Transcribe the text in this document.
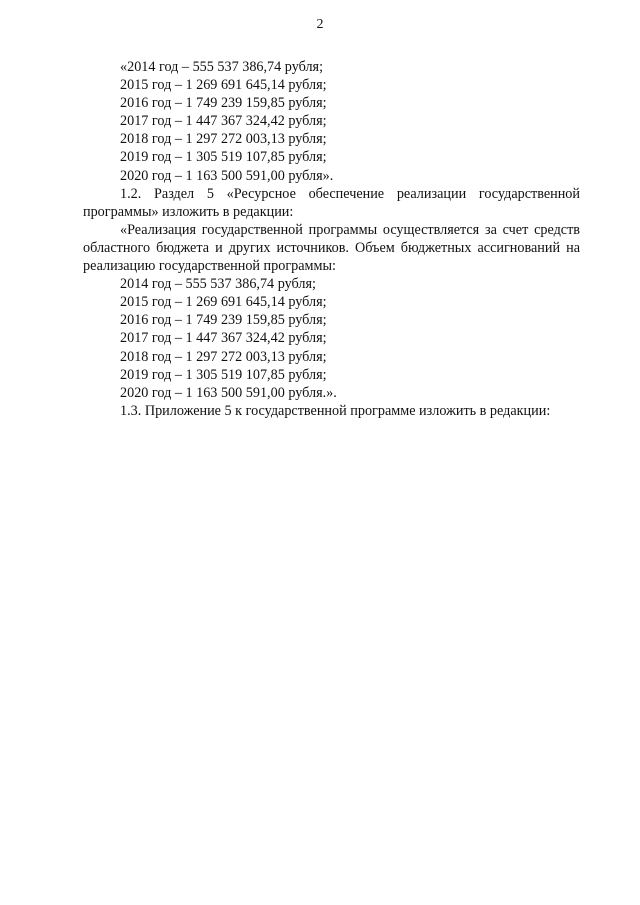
2
«2014 год – 555 537 386,74 рубля;
2015 год – 1 269 691 645,14 рубля;
2016 год – 1 749 239 159,85 рубля;
2017 год – 1 447 367 324,42 рубля;
2018 год – 1 297 272 003,13 рубля;
2019 год – 1 305 519 107,85 рубля;
2020 год – 1 163 500 591,00 рубля».

1.2. Раздел 5 «Ресурсное обеспечение реализации государственной программы» изложить в редакции:

«Реализация государственной программы осуществляется за счет средств областного бюджета и других источников. Объем бюджетных ассигнований на реализацию государственной программы:

2014 год – 555 537 386,74 рубля;
2015 год – 1 269 691 645,14 рубля;
2016 год – 1 749 239 159,85 рубля;
2017 год – 1 447 367 324,42 рубля;
2018 год – 1 297 272 003,13 рубля;
2019 год – 1 305 519 107,85 рубля;
2020 год – 1 163 500 591,00 рубля.».

1.3. Приложение 5 к государственной программе изложить в редакции:
